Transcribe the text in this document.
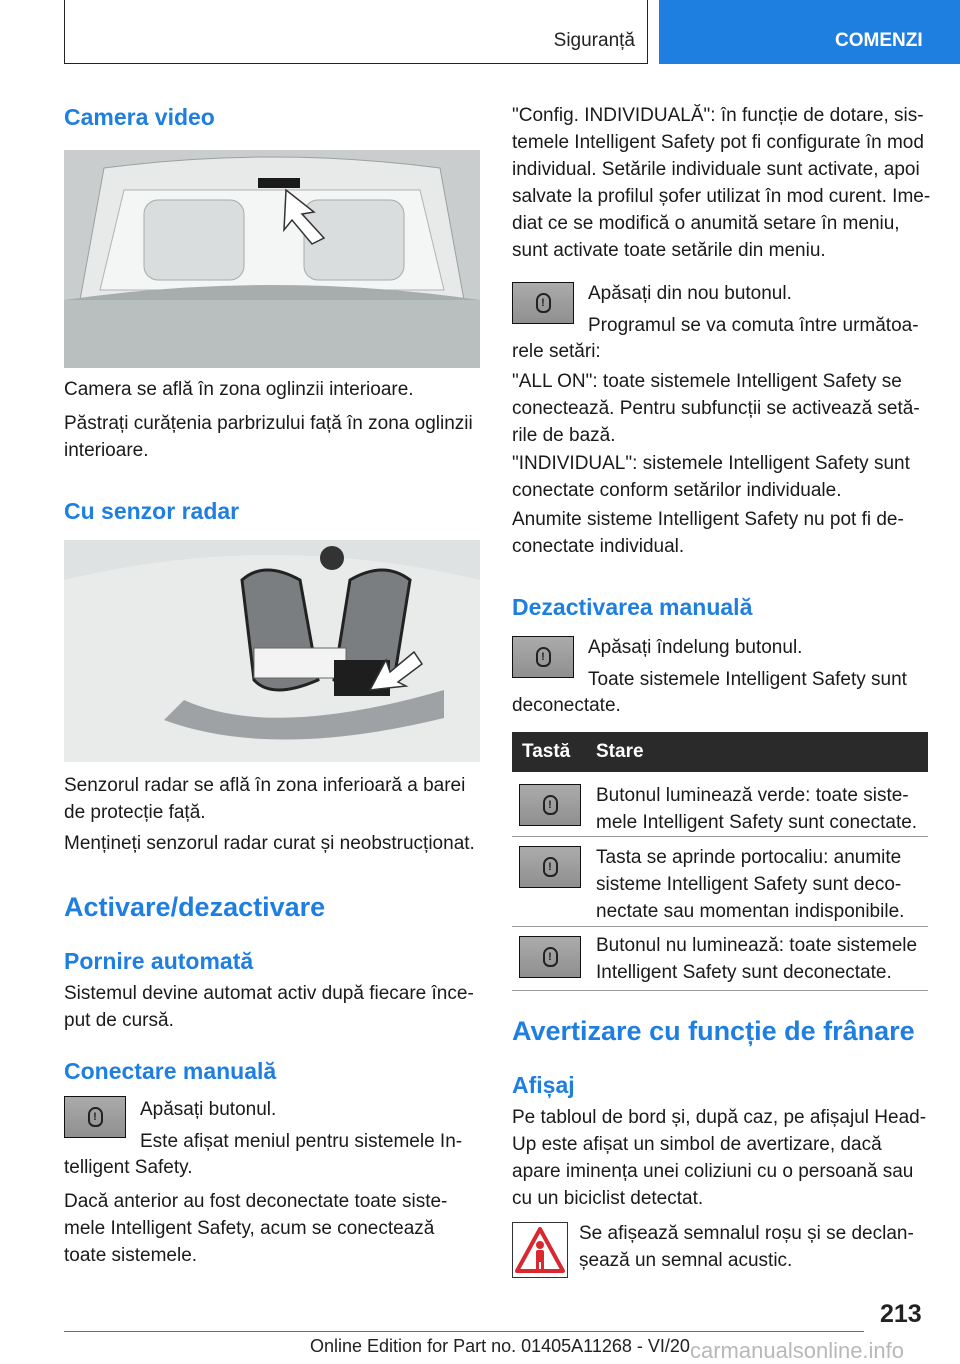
Siguranță	COMENZI
Camera video
Camera se află în zona oglinzii interioare.
Păstrați curățenia parbrizului față în zona oglinzii
interioare.
Cu senzor radar
Senzorul radar se află în zona inferioară a barei
de protecție față.
Mențineți senzorul radar curat și neobstrucționat.
Activare/dezactivare
Pornire automată
Sistemul devine automat activ după fiecare înce-
put de cursă.
Conectare manuală
! Apăsați butonul.
Este afișat meniul pentru sistemele In-
telligent Safety.
Dacă anterior au fost deconectate toate siste-
mele Intelligent Safety, acum se conectează
toate sistemele.
"Config. INDIVIDUALĂ": în funcție de dotare, sis-
temele Intelligent Safety pot fi configurate în mod
individual. Setările individuale sunt activate, apoi
salvate la profilul șofer utilizat în mod curent. Ime-
diat ce se modifică o anumită setare în meniu,
sunt activate toate setările din meniu.
! Apăsați din nou butonul.
Programul se va comuta între următoa-
rele setări:
"ALL ON": toate sistemele Intelligent Safety se
conectează. Pentru subfuncții se activează setă-
rile de bază.
"INDIVIDUAL": sistemele Intelligent Safety sunt
conectate conform setărilor individuale.
Anumite sisteme Intelligent Safety nu pot fi de-
conectate individual.
Dezactivarea manuală
! Apăsați îndelung butonul.
Toate sistemele Intelligent Safety sunt
deconectate.
Tastă Stare
! Butonul luminează verde: toate siste-
mele Intelligent Safety sunt conectate.
! Tasta se aprinde portocaliu: anumite
sisteme Intelligent Safety sunt deco-
nectate sau momentan indisponibile.
!
Butonul nu luminează: toate sistemele
Intelligent Safety sunt deconectate.
Avertizare cu funcție de frânare
Afișaj
Pe tabloul de bord și, după caz, pe afișajul Head-
Up este afișat un simbol de avertizare, dacă
apare iminența unei coliziuni cu o persoană sau
cu un biciclist detectat.
Se afișează semnalul roșu și se declan-
șează un semnal acustic.
213
Online Edition for Part no. 01405A11268 - VI/20 carmanualsonline.info
